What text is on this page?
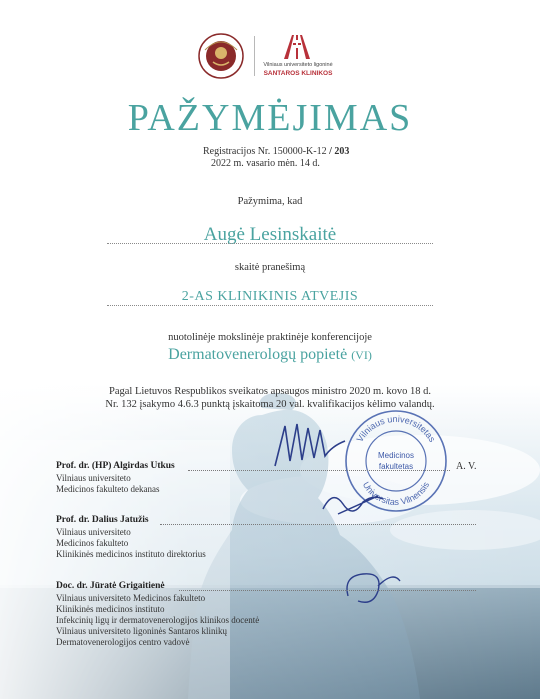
Vilniaus universiteto ligoninė
SANTAROS KLINIKOS
PAŽYMĖJIMAS
Registracijos Nr. 150000-K-12 / 203
2022 m. vasario mėn. 14 d.
Pažymima, kad
Augė Lesinskaitė
skaitė pranešimą
2-AS KLINIKINIS ATVEJIS
nuotolinėje mokslinėje praktinėje konferencijoje
Dermatovenerologų popietė (VI)
Pagal Lietuvos Respublikos sveikatos apsaugos ministro 2020 m. kovo 18 d.
Nr. 132 įsakymo 4.6.3 punktą įskaitoma 20 val. kvalifikacijos kėlimo valandų.
Vilniaus universitetas
Universitas Vilnensis
Medicinos
fakultetas
Prof. dr. (HP) Algirdas Utkus	A. V.
Vilniaus universiteto
Medicinos fakulteto dekanas
Prof. dr. Dalius Jatužis
Vilniaus universiteto
Medicinos fakulteto
Klinikinės medicinos instituto direktorius
Doc. dr. Jūratė Grigaitienė
Vilniaus universiteto Medicinos fakulteto
Klinikinės medicinos instituto
Infekcinių ligų ir dermatovenerologijos klinikos docentė
Vilniaus universiteto ligoninės Santaros klinikų
Dermatovenerologijos centro vadovė
